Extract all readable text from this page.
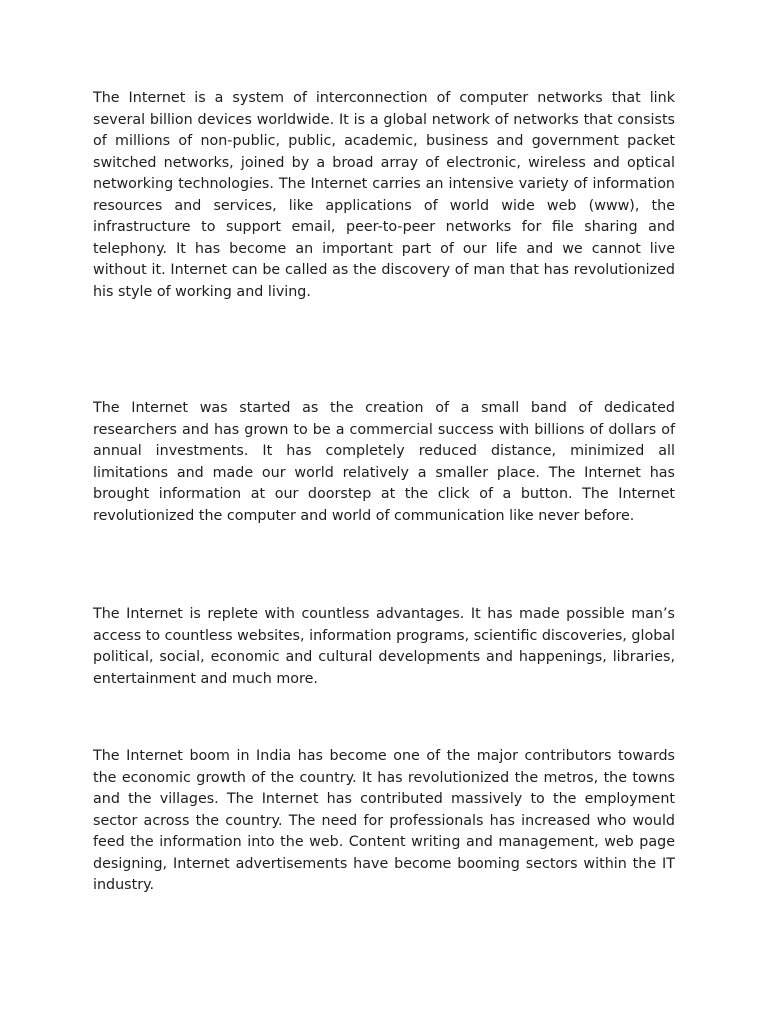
The Internet is a system of interconnection of computer networks that link several billion devices worldwide. It is a global network of networks that consists of millions of non-public, public, academic, business and government packet switched networks, joined by a broad array of electronic, wireless and optical networking technologies. The Internet carries an intensive variety of information resources and services, like applications of world wide web (www), the infrastructure to support email, peer-to-peer networks for file sharing and telephony. It has become an important part of our life and we cannot live without it. Internet can be called as the discovery of man that has revolutionized his style of working and living.

The Internet was started as the creation of a small band of dedicated researchers and has grown to be a commercial success with billions of dollars of annual investments. It has completely reduced distance, minimized all limitations and made our world relatively a smaller place. The Internet has brought information at our doorstep at the click of a button. The Internet revolutionized the computer and world of communication like never before.

The Internet is replete with countless advantages. It has made possible man’s access to countless websites, information programs, scientific discoveries, global political, social, economic and cultural developments and happenings, libraries, entertainment and much more.

The Internet boom in India has become one of the major contributors towards the economic growth of the country. It has revolutionized the metros, the towns and the villages. The Internet has contributed massively to the employment sector across the country. The need for professionals has increased who would feed the information into the web. Content writing and management, web page designing, Internet advertisements have become booming sectors within the IT industry.
